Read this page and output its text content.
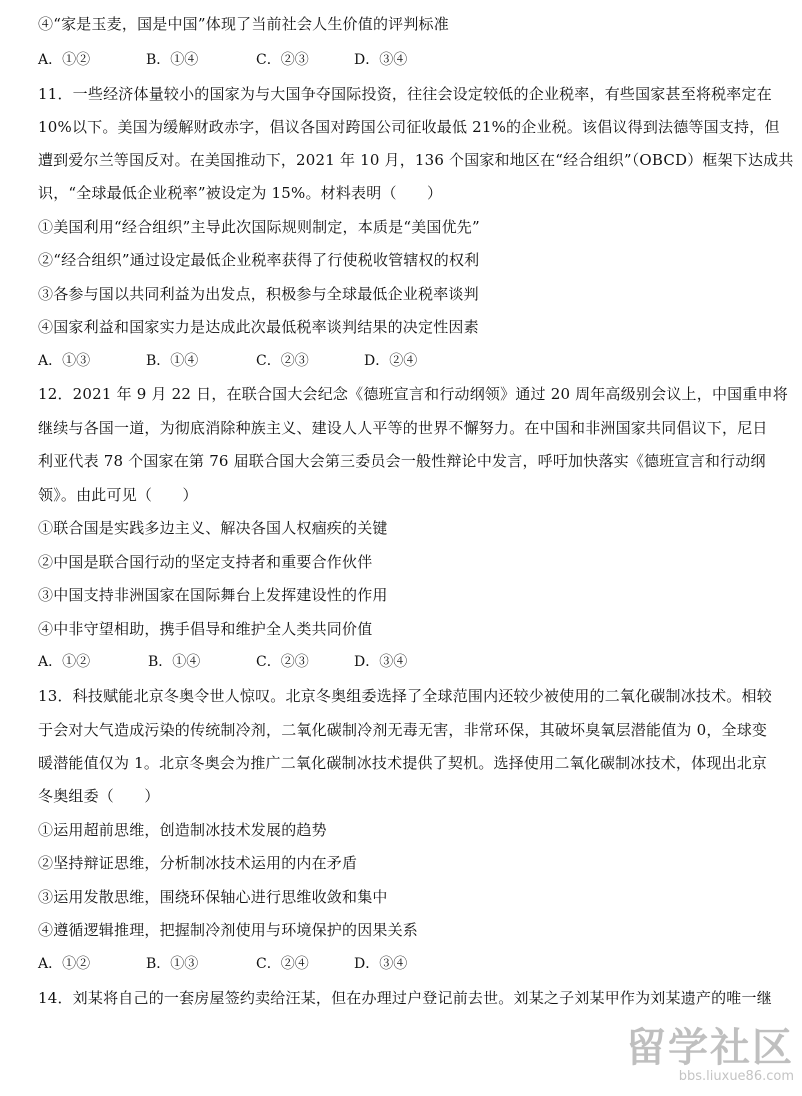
④“家是玉麦，国是中国”体现了当前社会人生价值的评判标准

A．①②

	B．①④

	C．②③

	D．③④

11．一些经济体量较小的国家为与大国争夺国际投资，往往会设定较低的企业税率，有些国家甚至将税率定在
10%以下。美国为缓解财政赤字，倡议各国对跨国公司征收最低 21%的企业税。该倡议得到法德等国支持，但
遭到爱尔兰等国反对。在美国推动下，2021 年 10 月，136 个国家和地区在“经合组织”（OBCD）框架下达成共
识，“全球最低企业税率”被设定为 15%。材料表明（　　）
①美国利用“经合组织”主导此次国际规则制定，本质是“美国优先”
②“经合组织”通过设定最低企业税率获得了行使税收管辖权的权利
③各参与国以共同利益为出发点，积极参与全球最低企业税率谈判
④国家利益和国家实力是达成此次最低税率谈判结果的决定性因素

A．①③

	B．①④

	C．②③

	D．②④

12．2021 年 9 月 22 日，在联合国大会纪念《德班宣言和行动纲领》通过 20 周年高级别会议上，中国重申将
继续与各国一道，为彻底消除种族主义、建设人人平等的世界不懈努力。在中国和非洲国家共同倡议下，尼日
利亚代表 78 个国家在第 76 届联合国大会第三委员会一般性辩论中发言，呼吁加快落实《德班宣言和行动纲
领》。由此可见（　　）
①联合国是实践多边主义、解决各国人权痼疾的关键
②中国是联合国行动的坚定支持者和重要合作伙伴
③中国支持非洲国家在国际舞台上发挥建设性的作用
④中非守望相助，携手倡导和维护全人类共同价值

A．①②

	B．①④

	C．②③

	D．③④

13．科技赋能北京冬奥令世人惊叹。北京冬奥组委选择了全球范围内还较少被使用的二氧化碳制冰技术。相较
于会对大气造成污染的传统制冷剂，二氧化碳制冷剂无毒无害，非常环保，其破坏臭氧层潜能值为 0，全球变
暖潜能值仅为 1。北京冬奥会为推广二氧化碳制冰技术提供了契机。选择使用二氧化碳制冰技术，体现出北京
冬奥组委（　　）
①运用超前思维，创造制冰技术发展的趋势
②坚持辩证思维，分析制冰技术运用的内在矛盾
③运用发散思维，围绕环保轴心进行思维收敛和集中
④遵循逻辑推理，把握制冷剂使用与环境保护的因果关系

A．①②

	B．①③

	C．②④

	D．③④

14．刘某将自己的一套房屋签约卖给汪某，但在办理过户登记前去世。刘某之子刘某甲作为刘某遗产的唯一继
留学社区
bbs.liuxue86.com
